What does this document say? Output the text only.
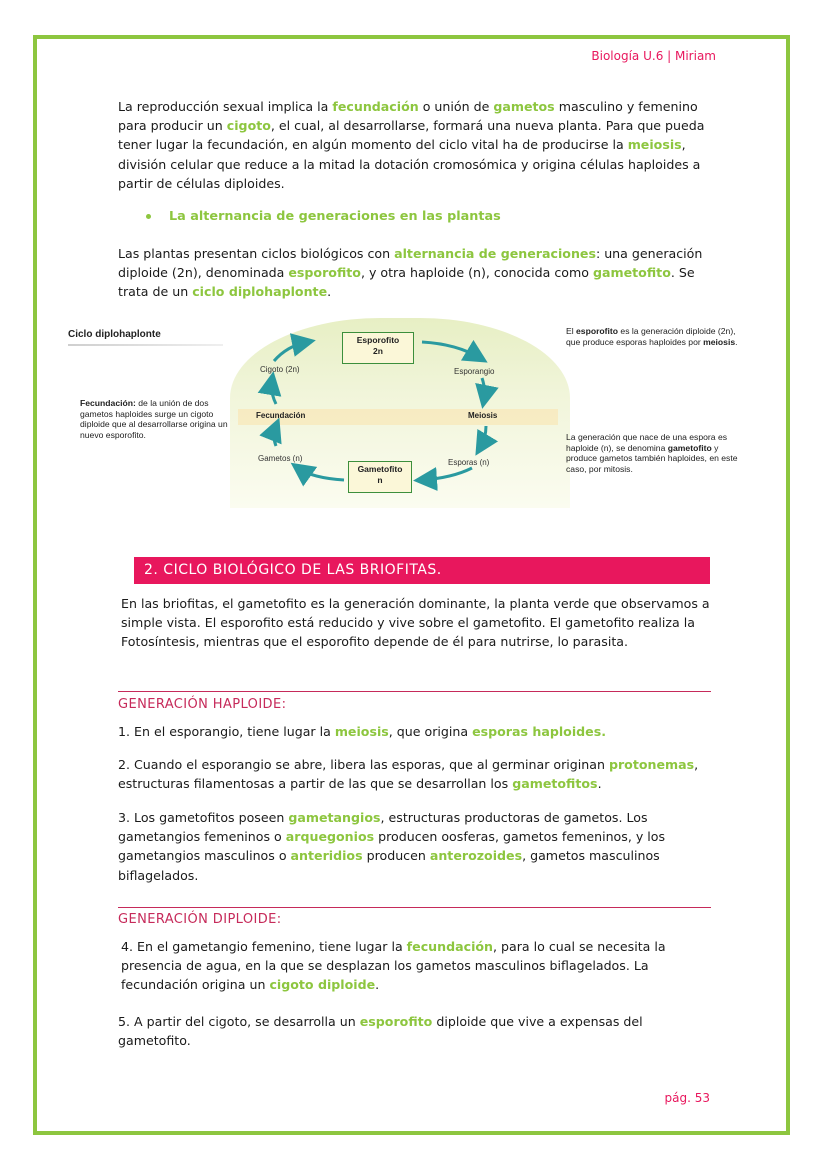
Biología U.6 | Miriam

La reproducción sexual implica la fecundación o unión de gametos masculino y femenino para producir un cigoto, el cual, al desarrollarse, formará una nueva planta. Para que pueda tener lugar la fecundación, en algún momento del ciclo vital ha de producirse la meiosis, división celular que reduce a la mitad la dotación cromosómica y origina células haploides a partir de células diploides.

La alternancia de generaciones en las plantas

Las plantas presentan ciclos biológicos con alternancia de generaciones: una generación diploide (2n), denominada esporofito, y otra haploide (n), conocida como gametofito. Se trata de un ciclo diplohaplonte.

Ciclo diplohaplonte	Esporofito
2n
Gametofito
n
Cigoto (2n)	Esporangio
Fecundación	Meiosis
Gametos (n)	Esporas (n)
Fecundación: de la unión de dos gametos haploides surge un cigoto diploide que al desarrollarse origina un nuevo esporofito.
El esporofito es la generación diploide (2n), que produce esporas haploides por meiosis.
La generación que nace de una espora es haploide (n), se denomina gametofito y produce gametos también haploides, en este caso, por mitosis.
2. CICLO BIOLÓGICO DE LAS BRIOFITAS.

En las briofitas, el gametofito es la generación dominante, la planta verde que observamos a simple vista. El esporofito está reducido y vive sobre el gametofito. El gametofito realiza la Fotosíntesis, mientras que el esporofito depende de él para nutrirse, lo parasita.

GENERACIÓN HAPLOIDE:

1. En el esporangio, tiene lugar la meiosis, que origina esporas haploides.

2. Cuando el esporangio se abre, libera las esporas, que al germinar originan protonemas, estructuras filamentosas a partir de las que se desarrollan los gametofitos.

3. Los gametofitos poseen gametangios, estructuras productoras de gametos. Los gametangios femeninos o arquegonios producen oosferas, gametos femeninos, y los gametangios masculinos o anteridios producen anterozoides, gametos masculinos biflagelados.

GENERACIÓN DIPLOIDE:

4. En el gametangio femenino, tiene lugar la fecundación, para lo cual se necesita la presencia de agua, en la que se desplazan los gametos masculinos biflagelados. La fecundación origina un cigoto diploide.

5. A partir del cigoto, se desarrolla un esporofito diploide que vive a expensas del gametofito.

pág. 53
